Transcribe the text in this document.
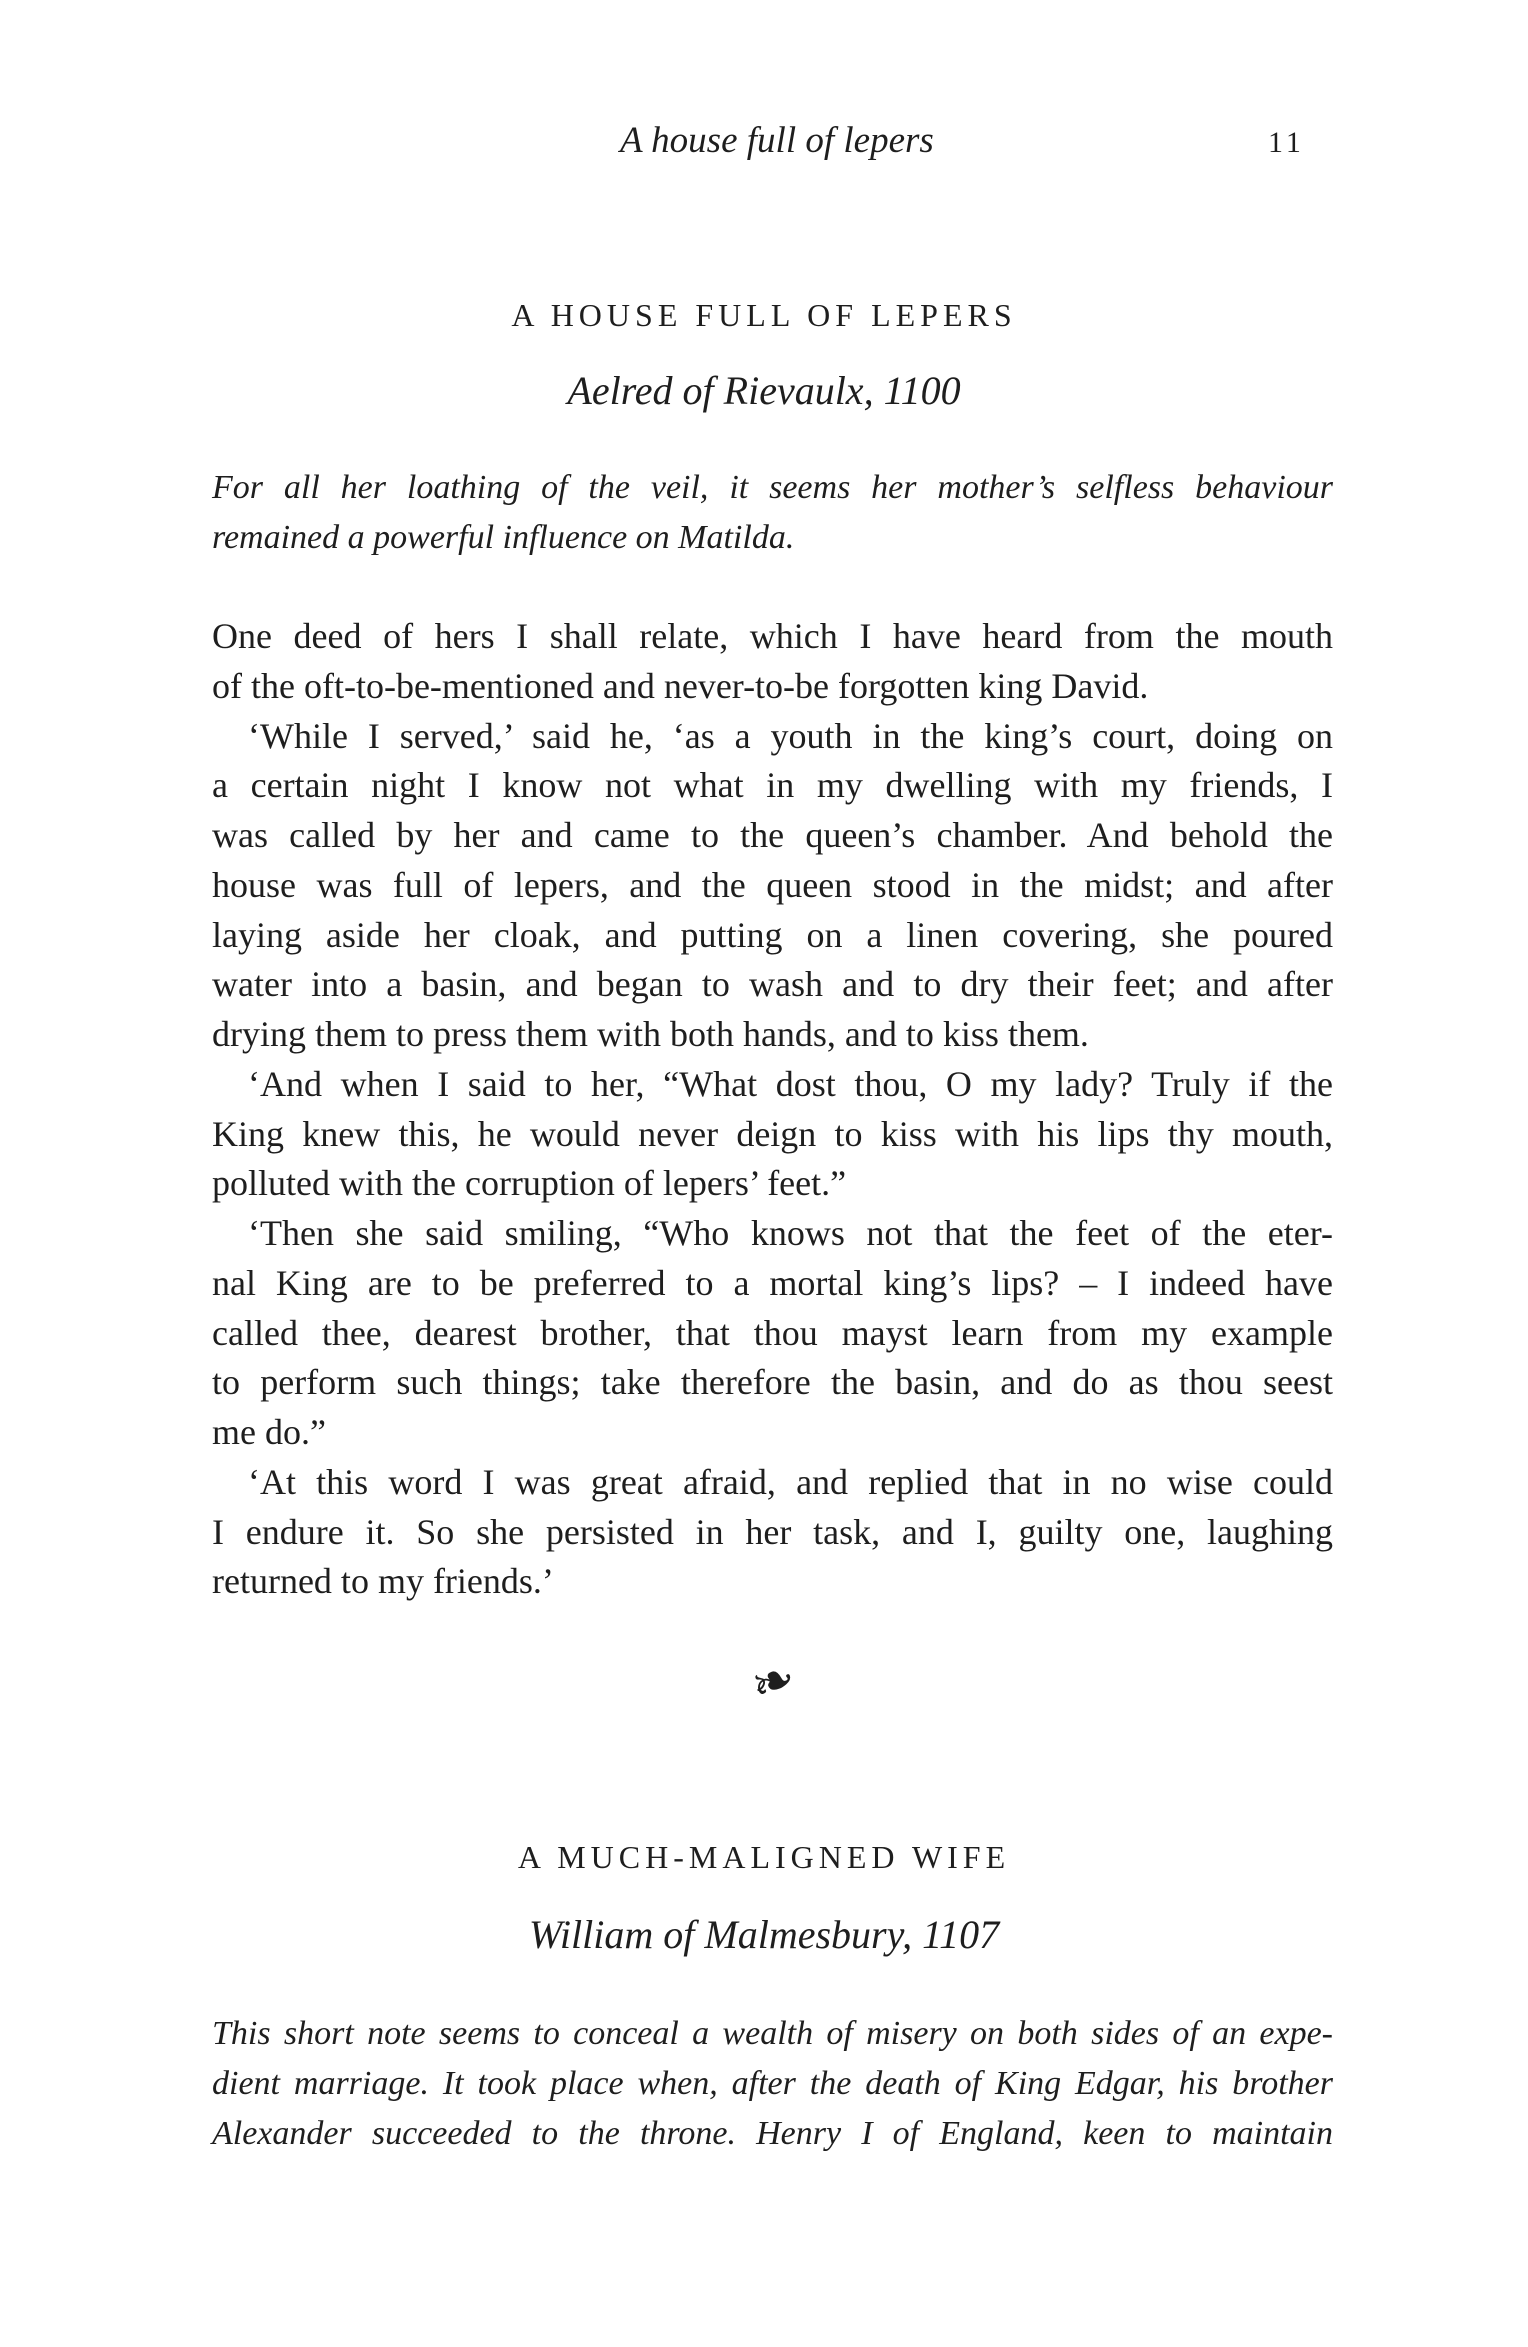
A house full of lepers	11
A HOUSE FULL OF LEPERS
Aelred of Rievaulx, 1100
For all her loathing of the veil, it seems her mother’s selfless behaviour
remained a powerful influence on Matilda.
One deed of hers I shall relate, which I have heard from the mouth
of the oft-to-be-mentioned and never-to-be forgotten king David.
‘While I served,’ said he, ‘as a youth in the king’s court, doing on
a certain night I know not what in my dwelling with my friends, I
was called by her and came to the queen’s chamber. And behold the
house was full of lepers, and the queen stood in the midst; and after
laying aside her cloak, and putting on a linen covering, she poured
water into a basin, and began to wash and to dry their feet; and after
drying them to press them with both hands, and to kiss them.
‘And when I said to her, “What dost thou, O my lady? Truly if the
King knew this, he would never deign to kiss with his lips thy mouth,
polluted with the corruption of lepers’ feet.”
‘Then she said smiling, “Who knows not that the feet of the eter-
nal King are to be preferred to a mortal king’s lips? – I indeed have
called thee, dearest brother, that thou mayst learn from my example
to perform such things; take therefore the basin, and do as thou seest
me do.”
‘At this word I was great afraid, and replied that in no wise could
I endure it. So she persisted in her task, and I, guilty one, laughing
returned to my friends.’
❧
A MUCH-MALIGNED WIFE
William of Malmesbury, 1107
This short note seems to conceal a wealth of misery on both sides of an expe-
dient marriage. It took place when, after the death of King Edgar, his brother
Alexander succeeded to the throne. Henry I of England, keen to maintain
